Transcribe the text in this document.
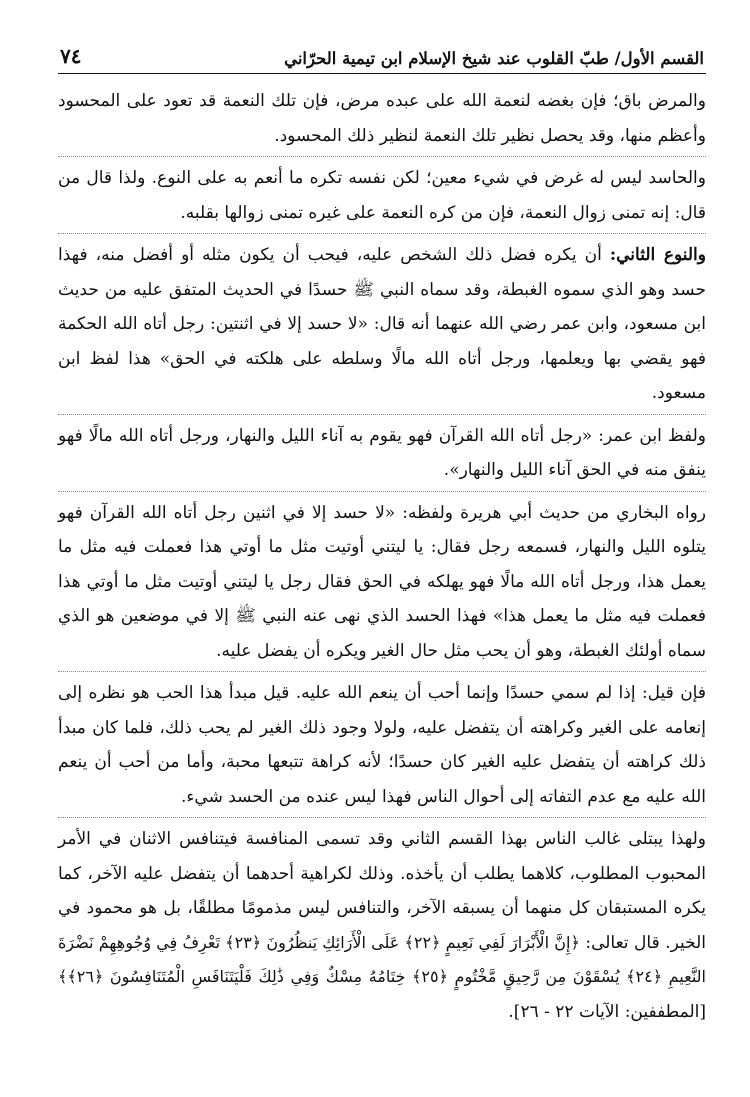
القسم الأول/ طبّ القلوب عند شيخ الإسلام ابن تيمية الحرّاني
٧٤

والمرض باق؛ فإن بغضه لنعمة الله على عبده مرض، فإن تلك النعمة قد تعود على المحسود وأعظم منها، وقد يحصل نظير تلك النعمة لنظير ذلك المحسود.

والحاسد ليس له غرض في شيء معين؛ لكن نفسه تكره ما أنعم به على النوع. ولذا قال من قال: إنه تمنى زوال النعمة، فإن من كره النعمة على غيره تمنى زوالها بقلبه.

والنوع الثاني: أن يكره فضل ذلك الشخص عليه، فيحب أن يكون مثله أو أفضل منه، فهذا حسد وهو الذي سموه الغبطة، وقد سماه النبي ﷺ حسدًا في الحديث المتفق عليه من حديث ابن مسعود، وابن عمر رضي الله عنهما أنه قال: «لا حسد إلا في اثنتين: رجل أتاه الله الحكمة فهو يقضي بها ويعلمها، ورجل أتاه الله مالًا وسلطه على هلكته في الحق» هذا لفظ ابن مسعود.

ولفظ ابن عمر: «رجل أتاه الله القرآن فهو يقوم به آناء الليل والنهار، ورجل أتاه الله مالًا فهو ينفق منه في الحق آناء الليل والنهار».

رواه البخاري من حديث أبي هريرة ولفظه: «لا حسد إلا في اثنين رجل أتاه الله القرآن فهو يتلوه الليل والنهار، فسمعه رجل فقال: يا ليتني أوتيت مثل ما أوتي هذا فعملت فيه مثل ما يعمل هذا، ورجل أتاه الله مالًا فهو يهلكه في الحق فقال رجل يا ليتني أوتيت مثل ما أوتي هذا فعملت فيه مثل ما يعمل هذا» فهذا الحسد الذي نهى عنه النبي ﷺ إلا في موضعين هو الذي سماه أولئك الغبطة، وهو أن يحب مثل حال الغير ويكره أن يفضل عليه.

فإن قيل: إذا لم سمي حسدًا وإنما أحب أن ينعم الله عليه. قيل مبدأ هذا الحب هو نظره إلى إنعامه على الغير وكراهته أن يتفضل عليه، ولولا وجود ذلك الغير لم يحب ذلك، فلما كان مبدأ ذلك كراهته أن يتفضل عليه الغير كان حسدًا؛ لأنه كراهة تتبعها محبة، وأما من أحب أن ينعم الله عليه مع عدم التفاته إلى أحوال الناس فهذا ليس عنده من الحسد شيء.

ولهذا يبتلى غالب الناس بهذا القسم الثاني وقد تسمى المنافسة فيتنافس الاثنان في الأمر المحبوب المطلوب، كلاهما يطلب أن يأخذه. وذلك لكراهية أحدهما أن يتفضل عليه الآخر، كما يكره المستبقان كل منهما أن يسبقه الآخر، والتنافس ليس مذمومًا مطلقًا، بل هو محمود في الخير. قال تعالى: ﴿إِنَّ الْأَبْرَارَ لَفِي نَعِيمٍ ﴿٢٢﴾ عَلَى الْأَرَائِكِ يَنظُرُونَ ﴿٢٣﴾ تَعْرِفُ فِي وُجُوهِهِمْ نَضْرَةَ النَّعِيمِ ﴿٢٤﴾ يُسْقَوْنَ مِن رَّحِيقٍ مَّخْتُومٍ ﴿٢٥﴾ خِتَامُهُ مِسْكٌ وَفِي ذَٰلِكَ فَلْيَتَنَافَسِ الْمُتَنَافِسُونَ ﴿٢٦﴾﴾ [المطففين: الآيات ٢٢ - ٢٦].
